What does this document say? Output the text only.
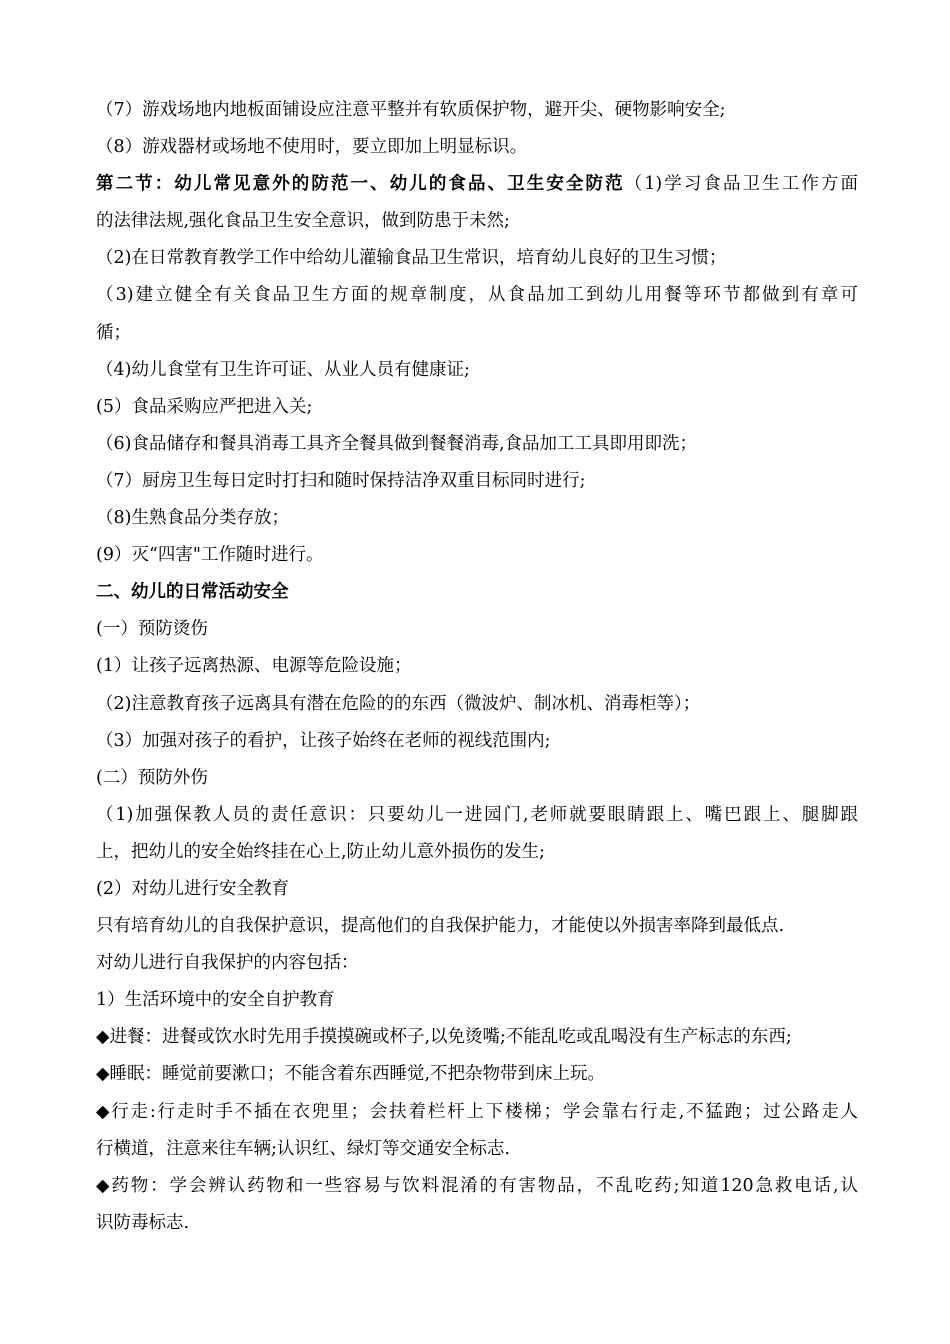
（7）游戏场地内地板面铺设应注意平整并有软质保护物，避开尖、硬物影响安全;
（8）游戏器材或场地不使用时，要立即加上明显标识。
第二节：幼儿常见意外的防范一、幼儿的食品、卫生安全防范（1)学习食品卫生工作方面
的法律法规,强化食品卫生安全意识，做到防患于未然;
（2)在日常教育教学工作中给幼儿灌输食品卫生常识，培育幼儿良好的卫生习惯；
（3)建立健全有关食品卫生方面的规章制度，从食品加工到幼儿用餐等环节都做到有章可
循；
（4)幼儿食堂有卫生许可证、从业人员有健康证;
(5）食品采购应严把进入关;
（6)食品储存和餐具消毒工具齐全餐具做到餐餐消毒,食品加工工具即用即洗；
（7）厨房卫生每日定时打扫和随时保持洁净双重目标同时进行;
（8)生熟食品分类存放；
(9）灭“四害"工作随时进行。
二、幼儿的日常活动安全
(一）预防烫伤
(1）让孩子远离热源、电源等危险设施；
（2)注意教育孩子远离具有潜在危险的的东西（微波炉、制冰机、消毒柜等）；
（3）加强对孩子的看护，让孩子始终在老师的视线范围内;
(二）预防外伤
（1)加强保教人员的责任意识：只要幼儿一进园门,老师就要眼睛跟上、嘴巴跟上、腿脚跟
上，把幼儿的安全始终挂在心上,防止幼儿意外损伤的发生;
(2）对幼儿进行安全教育
只有培育幼儿的自我保护意识，提高他们的自我保护能力，才能使以外损害率降到最低点.
对幼儿进行自我保护的内容包括：
1）生活环境中的安全自护教育
◆进餐：进餐或饮水时先用手摸摸碗或杯子,以免烫嘴;不能乱吃或乱喝没有生产标志的东西;
◆睡眠：睡觉前要漱口；不能含着东西睡觉,不把杂物带到床上玩。
◆行走:行走时手不插在衣兜里；会扶着栏杆上下楼梯；学会靠右行走,不猛跑；过公路走人
行横道，注意来往车辆;认识红、绿灯等交通安全标志.
◆药物：学会辨认药物和一些容易与饮料混淆的有害物品，不乱吃药;知道120急救电话,认
识防毒标志.
